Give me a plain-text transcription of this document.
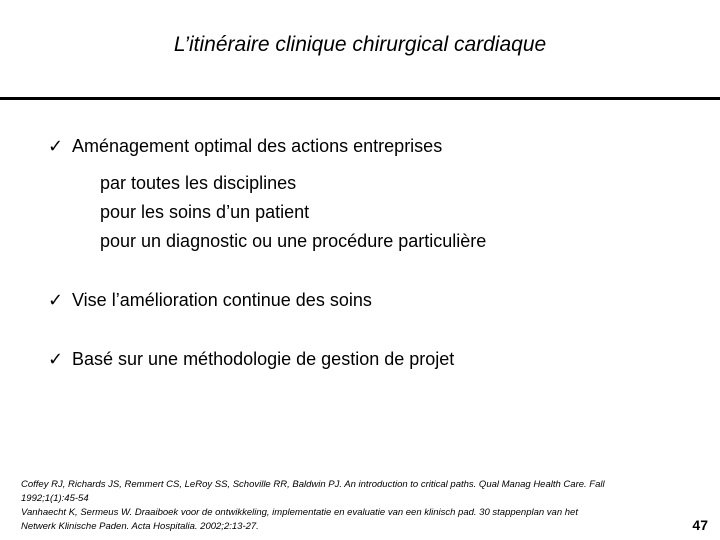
L’itinéraire clinique chirurgical cardiaque
✓ Aménagement optimal des actions entreprises
par toutes les disciplines
pour les soins d’un patient
pour un diagnostic ou une procédure particulière
✓ Vise l’amélioration continue des soins
✓ Basé sur une méthodologie de gestion de projet
Coffey RJ, Richards JS, Remmert CS, LeRoy SS, Schoville RR, Baldwin PJ. An introduction to critical paths. Qual Manag Health Care. Fall
1992;1(1):45-54
Vanhaecht K, Sermeus W. Draaiboek voor de ontwikkeling, implementatie en evaluatie van een klinisch pad. 30 stappenplan van het
Netwerk Klinische Paden. Acta Hospitalia. 2002;2:13-27.	47
